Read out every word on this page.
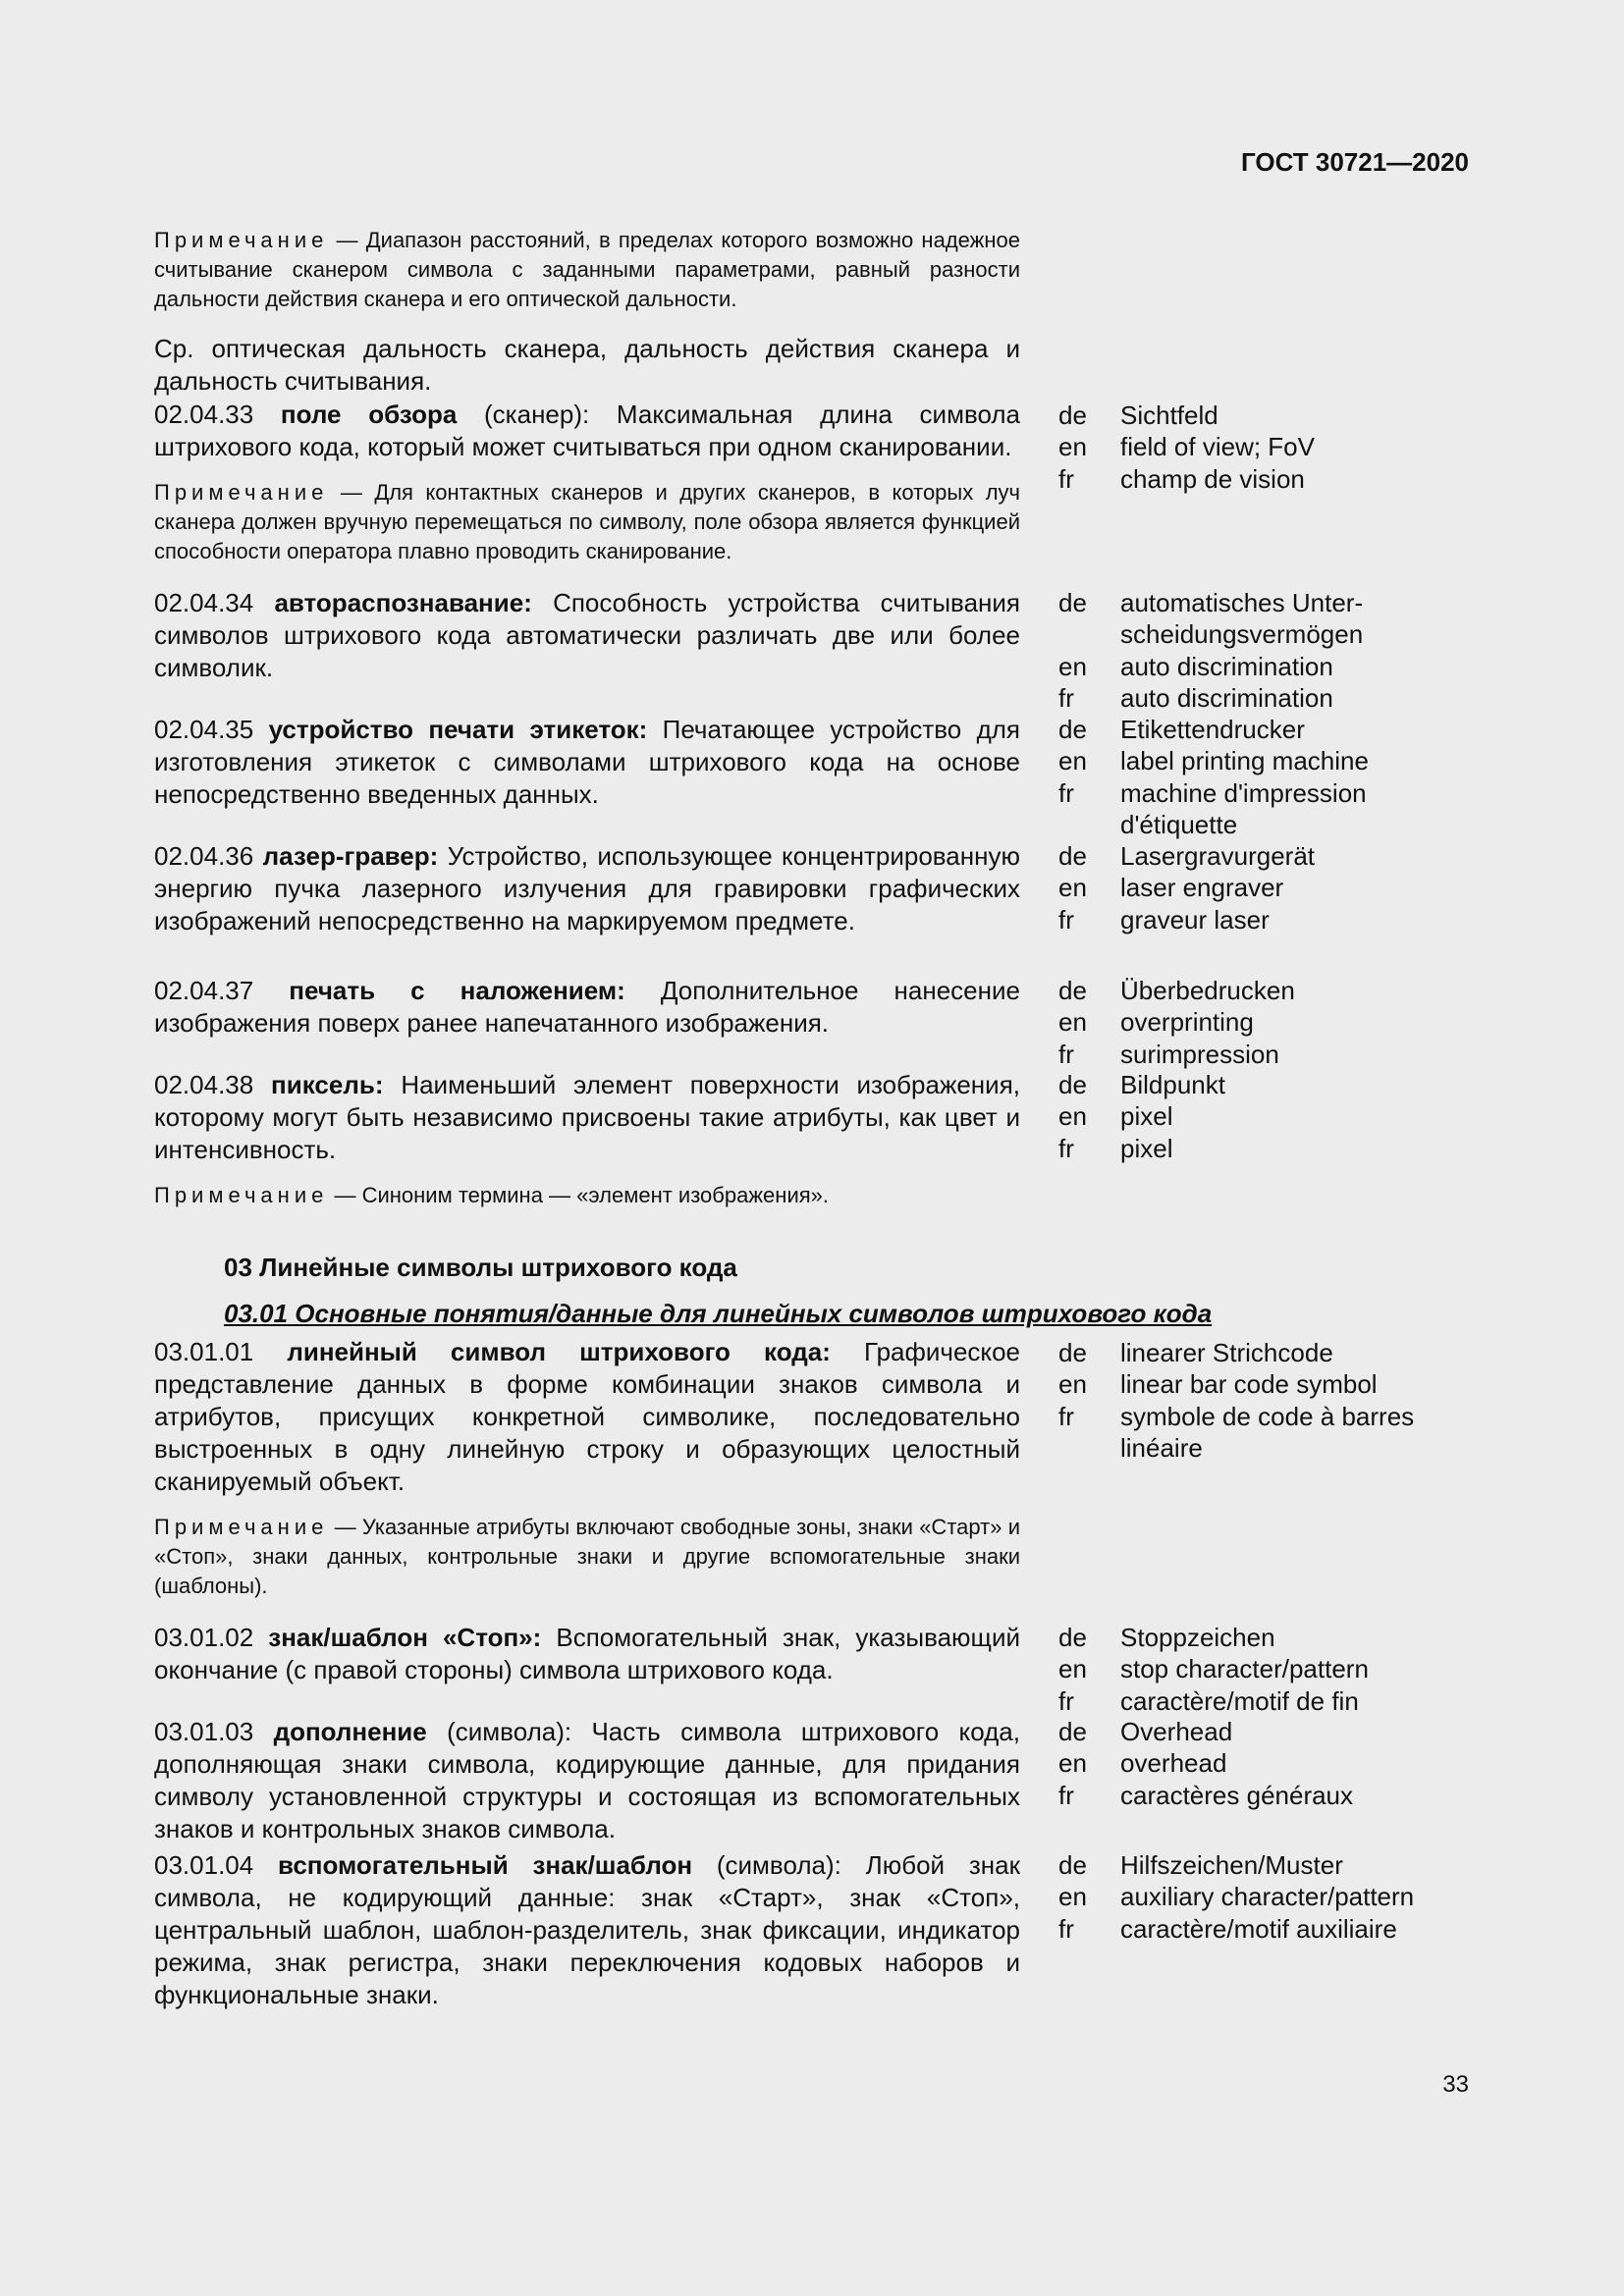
ГОСТ 30721—2020
Примечание — Диапазон расстояний, в пределах которого возможно надежное считывание сканером символа с заданными параметрами, равный разности дальности действия сканера и его оптической дальности.
Ср. оптическая дальность сканера, дальность действия сканера и дальность считывания.
02.04.33 поле обзора (сканер): Максимальная длина символа штрихового кода, который может считываться при одном сканировании.
de	Sichtfeld
en	field of view; FoV
fr	champ de vision
Примечание — Для контактных сканеров и других сканеров, в которых луч сканера должен вручную перемещаться по символу, поле обзора является функцией способности оператора плавно проводить сканирование.
02.04.34 автораспознавание: Способность устройства считывания символов штрихового кода автоматически различать две или более символик.
de	automatisches Unter-
scheidungsvermögen
en	auto discrimination
fr	auto discrimination
02.04.35 устройство печати этикеток: Печатающее устройство для изготовления этикеток с символами штрихового кода на основе непосредственно введенных данных.
de	Etikettendrucker
en	label printing machine
fr	machine d'impression
d'étiquette
02.04.36 лазер-гравер: Устройство, использующее концентрированную энергию пучка лазерного излучения для гравировки графических изображений непосредственно на маркируемом предмете.
de	Lasergravurgerät
en	laser engraver
fr	graveur laser
02.04.37 печать с наложением: Дополнительное нанесение изображения поверх ранее напечатанного изображения.
de	Überbedrucken
en	overprinting
fr	surimpression
02.04.38 пиксель: Наименьший элемент поверхности изображения, которому могут быть независимо присвоены такие атрибуты, как цвет и интенсивность.
de	Bildpunkt
en	pixel
fr	pixel
Примечание — Синоним термина — «элемент изображения».
03 Линейные символы штрихового кода
03.01 Основные понятия/данные для линейных символов штрихового кода
03.01.01 линейный символ штрихового кода: Графическое представление данных в форме комбинации знаков символа и атрибутов, присущих конкретной символике, последовательно выстроенных в одну линейную строку и образующих целостный сканируемый объект.
de	linearer Strichcode
en	linear bar code symbol
fr	symbole de code à barres
linéaire
Примечание — Указанные атрибуты включают свободные зоны, знаки «Старт» и «Стоп», знаки данных, контрольные знаки и другие вспомогательные знаки (шаблоны).
03.01.02 знак/шаблон «Стоп»: Вспомогательный знак, указывающий окончание (с правой стороны) символа штрихового кода.
de	Stoppzeichen
en	stop character/pattern
fr	caractère/motif de fin
03.01.03 дополнение (символа): Часть символа штрихового кода, дополняющая знаки символа, кодирующие данные, для придания символу установленной структуры и состоящая из вспомогательных знаков и контрольных знаков символа.
de	Overhead
en	overhead
fr	caractères généraux
03.01.04 вспомогательный знак/шаблон (символа): Любой знак символа, не кодирующий данные: знак «Старт», знак «Стоп», центральный шаблон, шаблон-разделитель, знак фиксации, индикатор режима, знак регистра, знаки переключения кодовых наборов и функциональные знаки.
de	Hilfszeichen/Muster
en	auxiliary character/pattern
fr	caractère/motif auxiliaire
33
